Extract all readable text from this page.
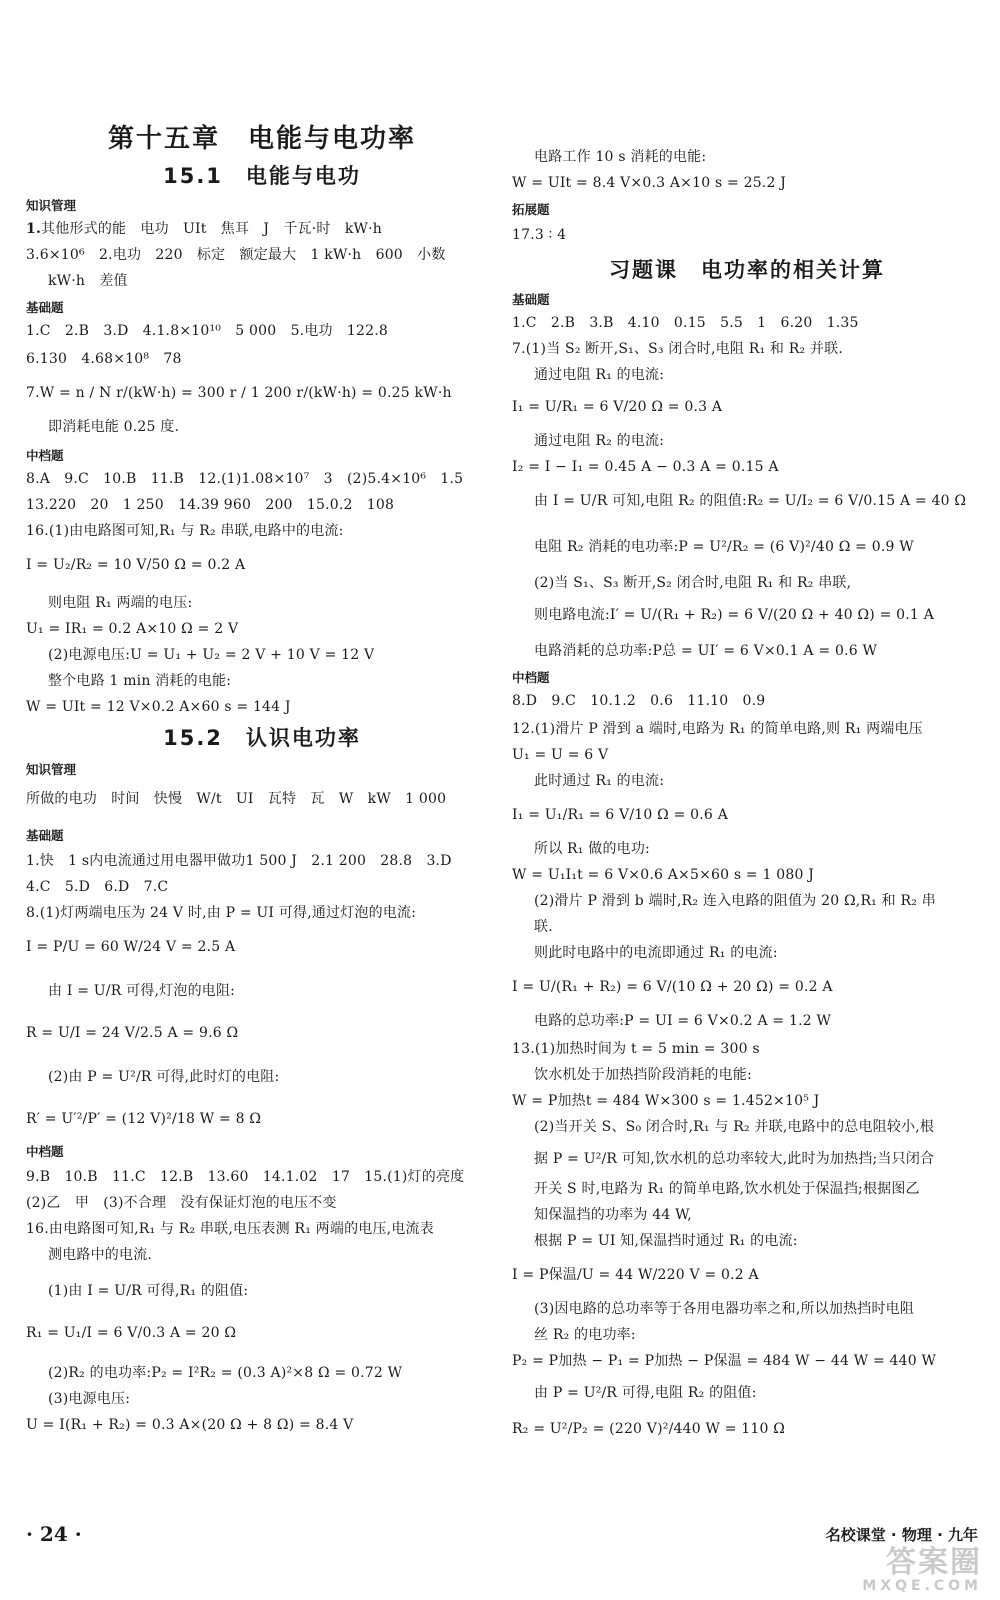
第十五章　电能与电功率
15.1　电能与电功
知识管理
1.其他形式的能　电功　UIt　焦耳　J　千瓦·时　kW·h
3.6×10⁶　2.电功　220　标定　额定最大　1 kW·h　600　小数
kW·h　差值
基础题
1.C　2.B　3.D　4.1.8×10¹⁰　5 000　5.电功　122.8
6.130　4.68×10⁸　78
7.W = n / N r/(kW·h) = 300 r / 1 200 r/(kW·h) = 0.25 kW·h
即消耗电能 0.25 度.
中档题
8.A　9.C　10.B　11.B　12.(1)1.08×10⁷　3　(2)5.4×10⁶　1.5
13.220　20　1 250　14.39 960　200　15.0.2　108
16.(1)由电路图可知,R₁ 与 R₂ 串联,电路中的电流:
I = U₂/R₂ = 10 V/50 Ω = 0.2 A
则电阻 R₁ 两端的电压:
U₁ = IR₁ = 0.2 A×10 Ω = 2 V
(2)电源电压:U = U₁ + U₂ = 2 V + 10 V = 12 V
整个电路 1 min 消耗的电能:
W = UIt = 12 V×0.2 A×60 s = 144 J
15.2　认识电功率
知识管理
所做的电功　时间　快慢　W/t　UI　瓦特　瓦　W　kW　1 000
基础题
1.快　1 s内电流通过用电器甲做功1 500 J　2.1 200　28.8　3.D
4.C　5.D　6.D　7.C
8.(1)灯两端电压为 24 V 时,由 P = UI 可得,通过灯泡的电流:
I = P/U = 60 W/24 V = 2.5 A
由 I = U/R 可得,灯泡的电阻:
R = U/I = 24 V/2.5 A = 9.6 Ω
(2)由 P = U²/R 可得,此时灯的电阻:
R′ = U′²/P′ = (12 V)²/18 W = 8 Ω
中档题
9.B　10.B　11.C　12.B　13.60　14.1.02　17　15.(1)灯的亮度
(2)乙　甲　(3)不合理　没有保证灯泡的电压不变
16.由电路图可知,R₁ 与 R₂ 串联,电压表测 R₁ 两端的电压,电流表
测电路中的电流.
(1)由 I = U/R 可得,R₁ 的阻值:
R₁ = U₁/I = 6 V/0.3 A = 20 Ω
(2)R₂ 的电功率:P₂ = I²R₂ = (0.3 A)²×8 Ω = 0.72 W
(3)电源电压:
U = I(R₁ + R₂) = 0.3 A×(20 Ω + 8 Ω) = 8.4 V
电路工作 10 s 消耗的电能:
W = UIt = 8.4 V×0.3 A×10 s = 25.2 J
拓展题
17.3 ∶ 4
习题课　电功率的相关计算
基础题
1.C　2.B　3.B　4.10　0.15　5.5　1　6.20　1.35
7.(1)当 S₂ 断开,S₁、S₃ 闭合时,电阻 R₁ 和 R₂ 并联.
通过电阻 R₁ 的电流:
I₁ = U/R₁ = 6 V/20 Ω = 0.3 A
通过电阻 R₂ 的电流:
I₂ = I − I₁ = 0.45 A − 0.3 A = 0.15 A
由 I = U/R 可知,电阻 R₂ 的阻值:R₂ = U/I₂ = 6 V/0.15 A = 40 Ω
电阻 R₂ 消耗的电功率:P = U²/R₂ = (6 V)²/40 Ω = 0.9 W
(2)当 S₁、S₃ 断开,S₂ 闭合时,电阻 R₁ 和 R₂ 串联,
则电路电流:I′ = U/(R₁ + R₂) = 6 V/(20 Ω + 40 Ω) = 0.1 A
电路消耗的总功率:P总 = UI′ = 6 V×0.1 A = 0.6 W
中档题
8.D　9.C　10.1.2　0.6　11.10　0.9
12.(1)滑片 P 滑到 a 端时,电路为 R₁ 的简单电路,则 R₁ 两端电压
U₁ = U = 6 V
此时通过 R₁ 的电流:
I₁ = U₁/R₁ = 6 V/10 Ω = 0.6 A
所以 R₁ 做的电功:
W = U₁I₁t = 6 V×0.6 A×5×60 s = 1 080 J
(2)滑片 P 滑到 b 端时,R₂ 连入电路的阻值为 20 Ω,R₁ 和 R₂ 串
联.
则此时电路中的电流即通过 R₁ 的电流:
I = U/(R₁ + R₂) = 6 V/(10 Ω + 20 Ω) = 0.2 A
电路的总功率:P = UI = 6 V×0.2 A = 1.2 W
13.(1)加热时间为 t = 5 min = 300 s
饮水机处于加热挡阶段消耗的电能:
W = P加热t = 484 W×300 s = 1.452×10⁵ J
(2)当开关 S、S₀ 闭合时,R₁ 与 R₂ 并联,电路中的总电阻较小,根
据 P = U²/R 可知,饮水机的总功率较大,此时为加热挡;当只闭合
开关 S 时,电路为 R₁ 的简单电路,饮水机处于保温挡;根据图乙
知保温挡的功率为 44 W,
根据 P = UI 知,保温挡时通过 R₁ 的电流:
I = P保温/U = 44 W/220 V = 0.2 A
(3)因电路的总功率等于各用电器功率之和,所以加热挡时电阻
丝 R₂ 的电功率:
P₂ = P加热 − P₁ = P加热 − P保温 = 484 W − 44 W = 440 W
由 P = U²/R 可得,电阻 R₂ 的阻值:
R₂ = U²/P₂ = (220 V)²/440 W = 110 Ω
· 24 ·	名校课堂 · 物理 · 九年
答案圈
MXQE.COM
